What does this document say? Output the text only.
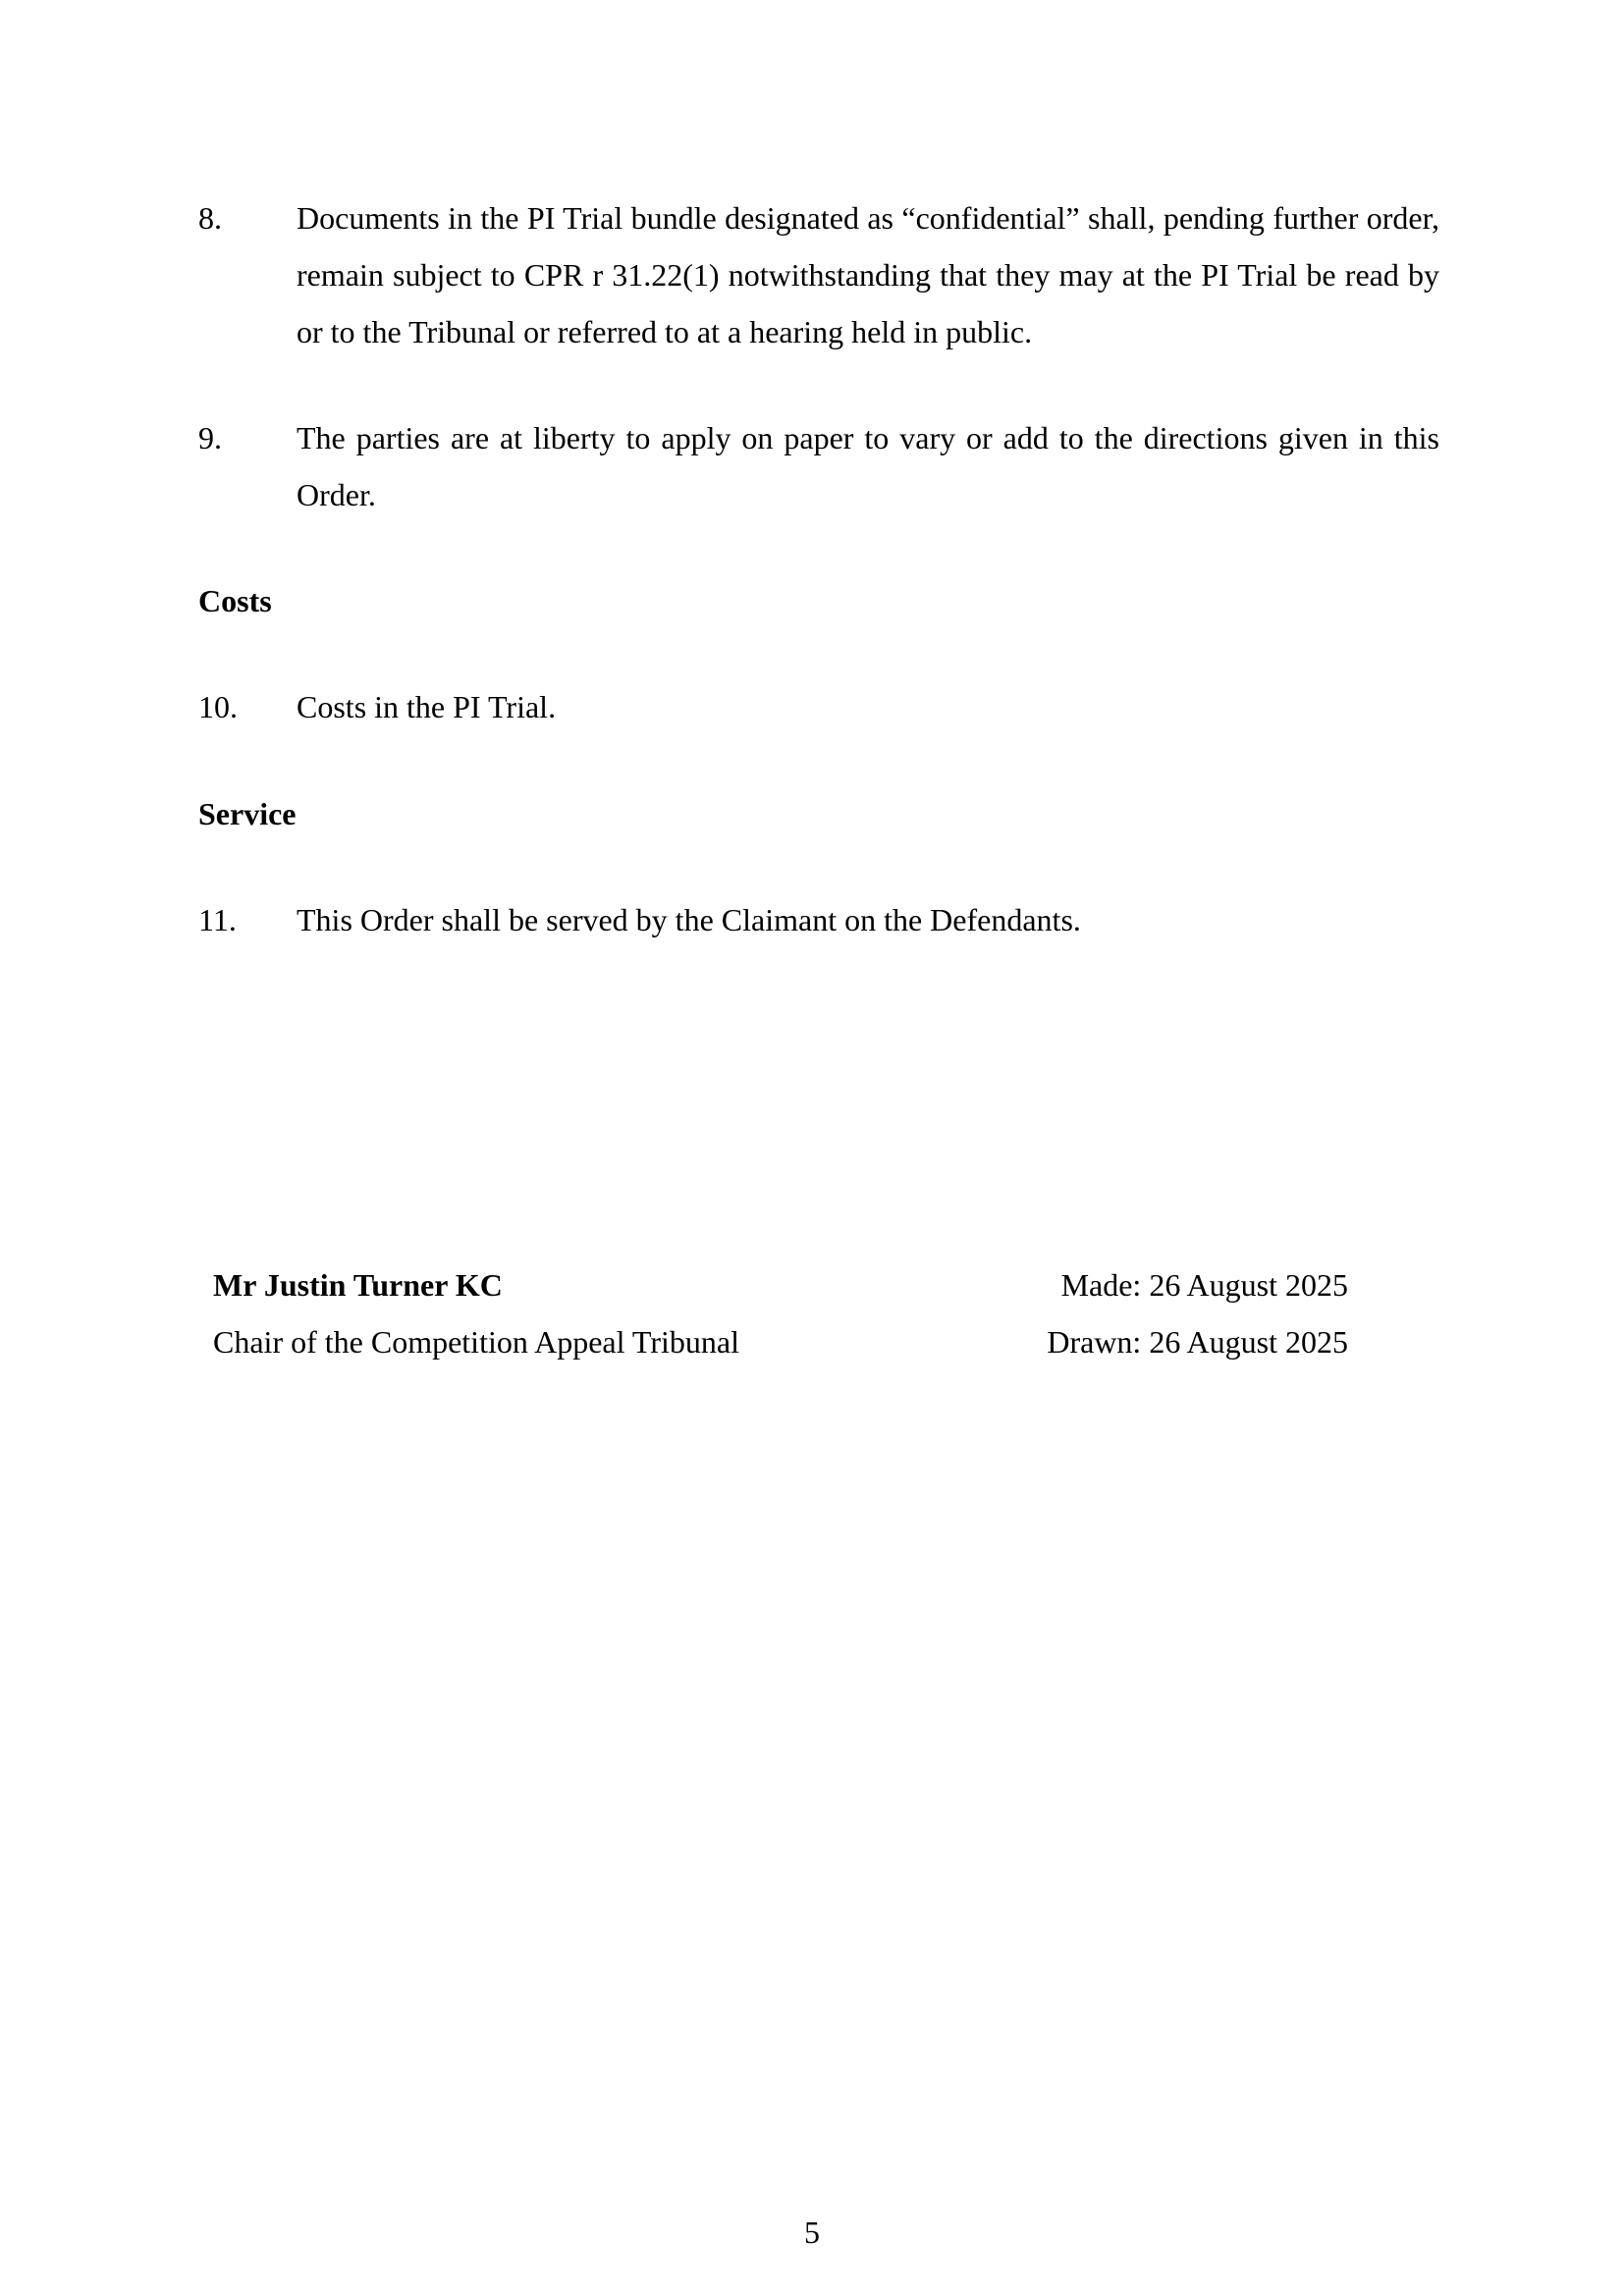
8.	Documents in the PI Trial bundle designated as “confidential” shall, pending further order, remain subject to CPR r 31.22(1) notwithstanding that they may at the PI Trial be read by or to the Tribunal or referred to at a hearing held in public.
9.	The parties are at liberty to apply on paper to vary or add to the directions given in this Order.
Costs
10.	Costs in the PI Trial.
Service
11.	This Order shall be served by the Claimant on the Defendants.
Mr Justin Turner KC
Chair of the Competition Appeal Tribunal
Made: 26 August 2025
Drawn: 26 August 2025
5
